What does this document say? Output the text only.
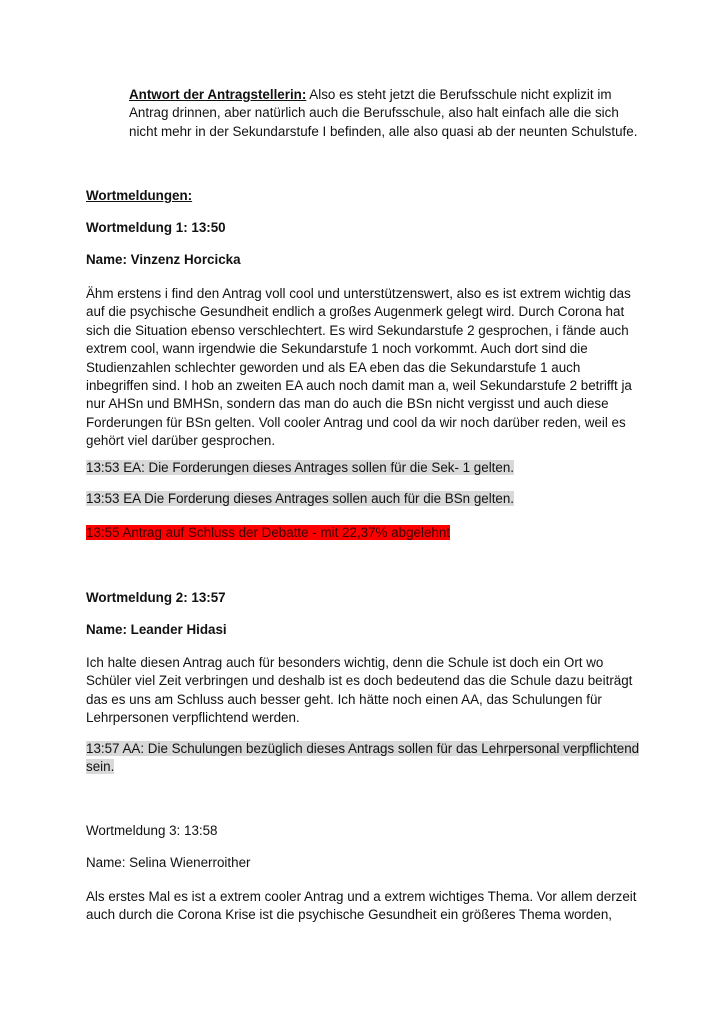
Antwort der Antragstellerin: Also es steht jetzt die Berufsschule nicht explizit im Antrag drinnen, aber natürlich auch die Berufsschule, also halt einfach alle die sich nicht mehr in der Sekundarstufe I befinden, alle also quasi ab der neunten Schulstufe.

Wortmeldungen:

Wortmeldung 1: 13:50

Name: Vinzenz Horcicka

Ähm erstens i find den Antrag voll cool und unterstützenswert, also es ist extrem wichtig das auf die psychische Gesundheit endlich a großes Augenmerk gelegt wird. Durch Corona hat sich die Situation ebenso verschlechtert. Es wird Sekundarstufe 2 gesprochen, i fände auch extrem cool, wann irgendwie die Sekundarstufe 1 noch vorkommt. Auch dort sind die Studienzahlen schlechter geworden und als EA eben das die Sekundarstufe 1 auch inbegriffen sind. I hob an zweiten EA auch noch damit man a, weil Sekundarstufe 2 betrifft ja nur AHSn und BMHSn, sondern das man do auch die BSn nicht vergisst und auch diese Forderungen für BSn gelten. Voll cooler Antrag und cool da wir noch darüber reden, weil es gehört viel darüber gesprochen.

13:53 EA: Die Forderungen dieses Antrages sollen für die Sek- 1 gelten.

13:53 EA Die Forderung dieses Antrages sollen auch für die BSn gelten.

13:55 Antrag auf Schluss der Debatte - mit 22,37% abgelehnt

Wortmeldung 2: 13:57

Name: Leander Hidasi

Ich halte diesen Antrag auch für besonders wichtig, denn die Schule ist doch ein Ort wo Schüler viel Zeit verbringen und deshalb ist es doch bedeutend das die Schule dazu beiträgt das es uns am Schluss auch besser geht. Ich hätte noch einen AA, das Schulungen für Lehrpersonen verpflichtend werden.

13:57 AA: Die Schulungen bezüglich dieses Antrags sollen für das Lehrpersonal verpflichtend sein.

Wortmeldung 3: 13:58

Name: Selina Wienerroither

Als erstes Mal es ist a extrem cooler Antrag und a extrem wichtiges Thema. Vor allem derzeit auch durch die Corona Krise ist die psychische Gesundheit ein größeres Thema worden,
